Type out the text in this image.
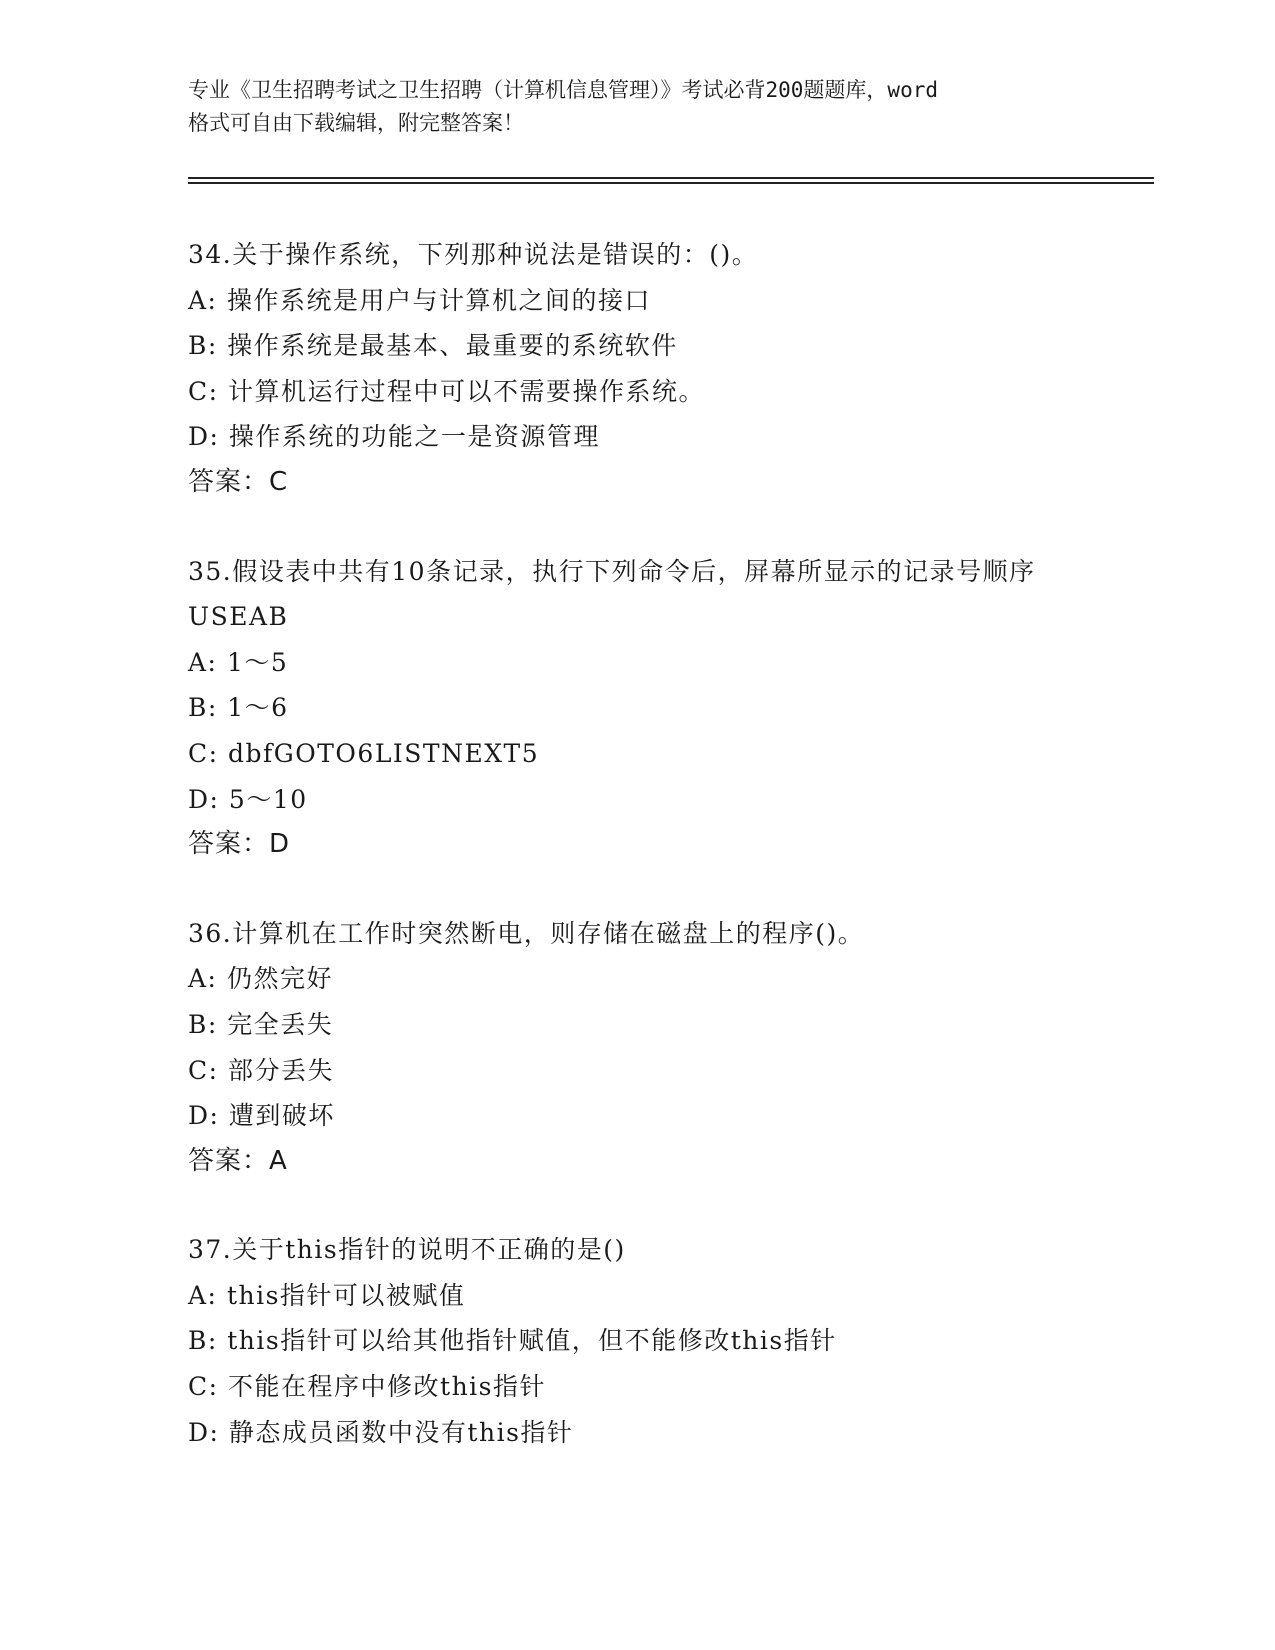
专业《卫生招聘考试之卫生招聘（计算机信息管理）》考试必背200题题库，word
格式可自由下载编辑，附完整答案！
34.关于操作系统，下列那种说法是错误的：()。
A: 操作系统是用户与计算机之间的接口
B: 操作系统是最基本、最重要的系统软件
C: 计算机运行过程中可以不需要操作系统。
D: 操作系统的功能之一是资源管理
答案：C
35.假设表中共有10条记录，执行下列命令后，屏幕所显示的记录号顺序USEAB
A: 1～5
B: 1～6
C: dbfGOTO6LISTNEXT5
D: 5～10
答案：D
36.计算机在工作时突然断电，则存储在磁盘上的程序()。
A: 仍然完好
B: 完全丢失
C: 部分丢失
D: 遭到破坏
答案：A
37.关于this指针的说明不正确的是()
A: this指针可以被赋值
B: this指针可以给其他指针赋值，但不能修改this指针
C: 不能在程序中修改this指针
D: 静态成员函数中没有this指针
